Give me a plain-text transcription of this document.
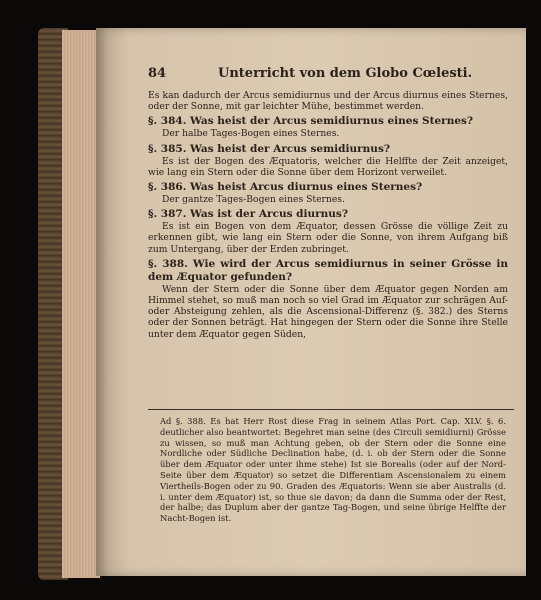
84	Unterricht von dem Globo Cœlesti.

Es kan dadurch der Arcus semidiurnus und der Arcus diurnus eines Sternes, oder der Sonne, mit gar leichter Mühe, bestimmet werden.

§. 384. Was heist der Arcus semidiurnus eines Sternes?

Der halbe Tages-Bogen eines Sternes.

§. 385. Was heist der Arcus semidiurnus?

Es ist der Bogen des Æquatoris, welcher die Helffte der Zeit anzeiget, wie lang ein Stern oder die Sonne über dem Horizont verweilet.

§. 386. Was heist Arcus diurnus eines Sternes?

Der gantze Tages-Bogen eines Sternes.

§. 387. Was ist der Arcus diurnus?

Es ist ein Bogen von dem Æquator, dessen Grösse die völlige Zeit zu erkennen gibt, wie lang ein Stern oder die Sonne, von ihrem Aufgang biß zum Untergang, über der Erden zubringet.

§. 388. Wie wird der Arcus semidiurnus in seiner Grösse in dem Æquator gefunden?

Wenn der Stern oder die Sonne über dem Æquator gegen Norden am Himmel stehet, so muß man noch so viel Grad im Æquator zur schrägen Auf- oder Absteigung zehlen, als die Ascensional-Differenz (§. 382.) des Sterns oder der Sonnen beträgt. Hat hingegen der Stern oder die Sonne ihre Stelle unter dem Æquator gegen Süden,

Ad §. 388. Es hat Herr Rost diese Frag in seinem Atlas Port. Cap. XLV. §. 6. deutlicher also beantwortet: Begehret man seine (des Circuli semidiurni) Grösse zu wissen, so muß man Achtung geben, ob der Stern oder die Sonne eine Nordliche oder Südliche Declination habe, (d. i. ob der Stern oder die Sonne über dem Æquator oder unter ihme stehe) Ist sie Borealis (oder auf der Nord-Seite über dem Æquator) so setzet die Differentiam Ascensionalem zu einem Viertheils-Bogen oder zu 90. Graden des Æquatoris: Wenn sie aber Australis (d. i. unter dem Æquator) ist, so thue sie davon; da dann die Summa oder der Rest, der halbe; das Duplum aber der gantze Tag-Bogen, und seine übrige Helffte der Nacht-Bogen ist.
